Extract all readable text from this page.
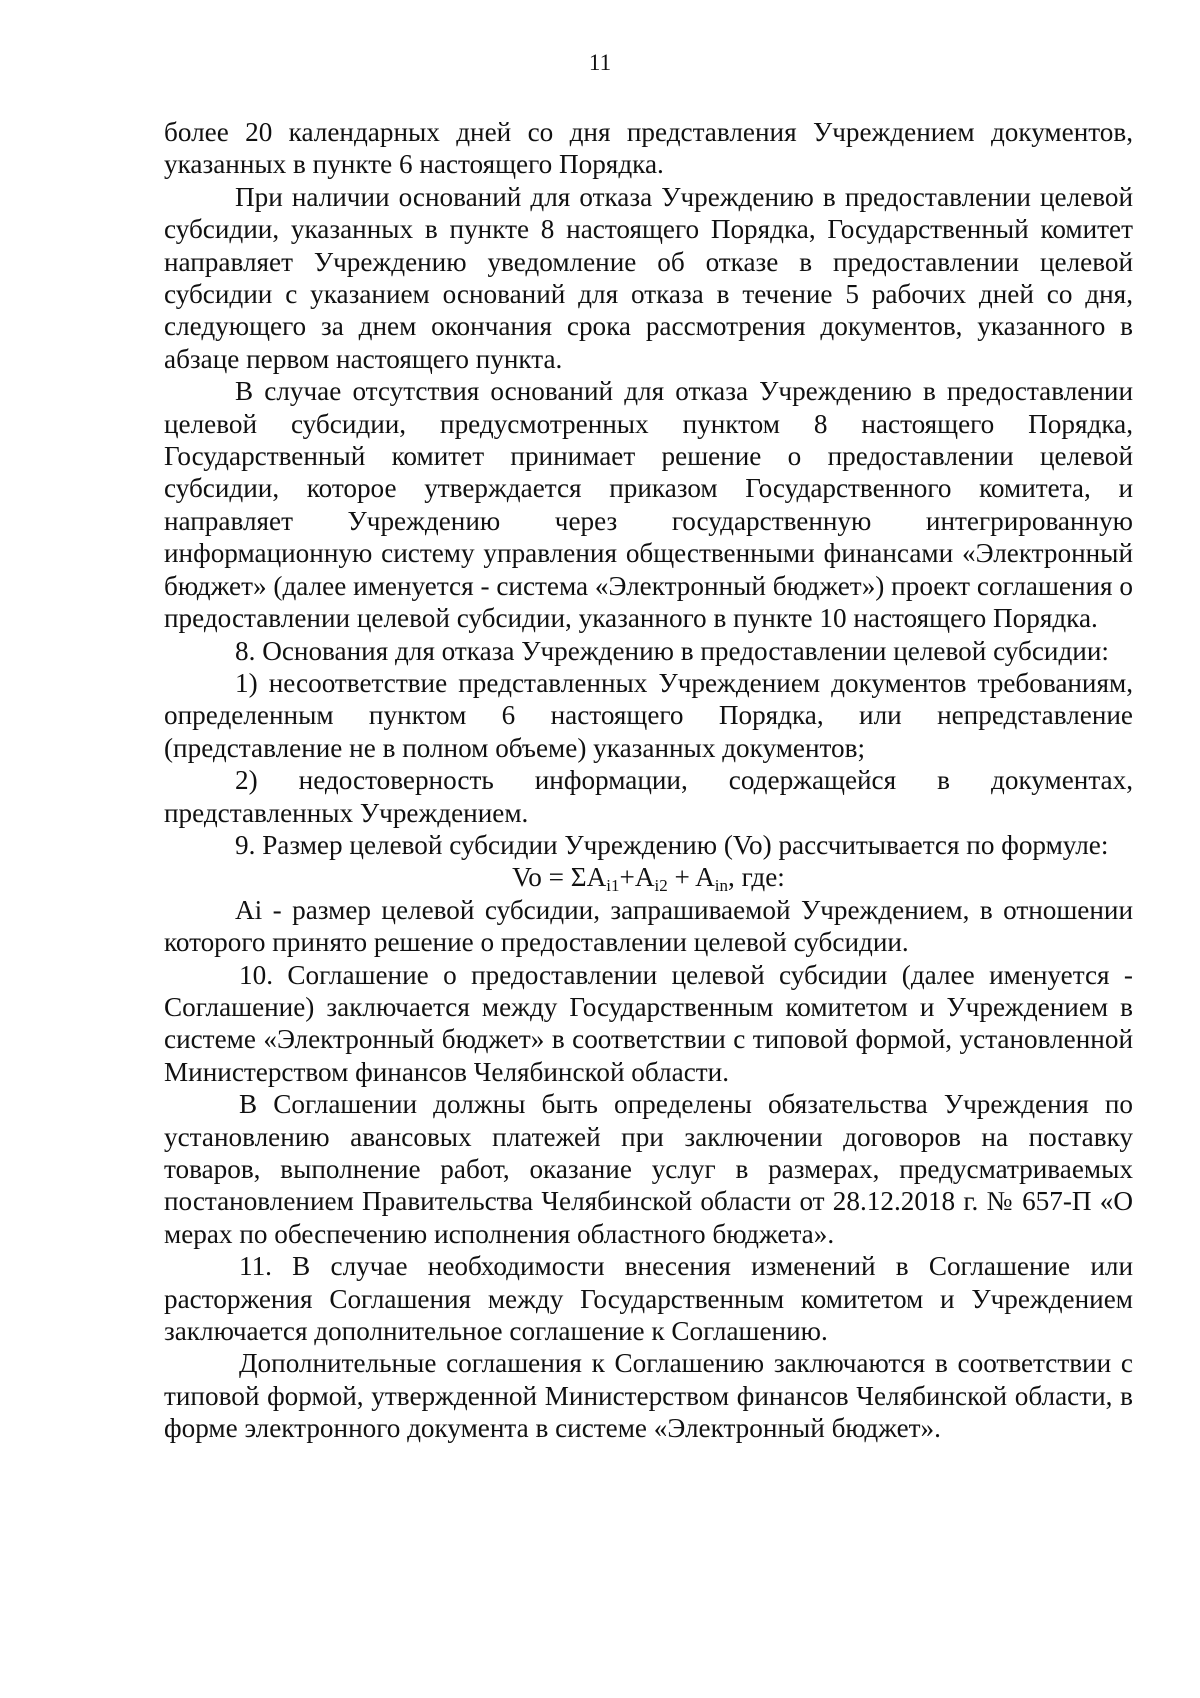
11

более 20 календарных дней со дня представления Учреждением документов, указанных в пункте 6 настоящего Порядка.

При наличии оснований для отказа Учреждению в предоставлении целевой субсидии, указанных в пункте 8 настоящего Порядка, Государственный комитет направляет Учреждению уведомление об отказе в предоставлении целевой субсидии с указанием оснований для отказа в течение 5 рабочих дней со дня, следующего за днем окончания срока рассмотрения документов, указанного в абзаце первом настоящего пункта.

В случае отсутствия оснований для отказа Учреждению в предоставлении целевой субсидии, предусмотренных пунктом 8 настоящего Порядка, Государственный комитет принимает решение о предоставлении целевой субсидии, которое утверждается приказом Государственного комитета, и направляет Учреждению через государственную интегрированную информационную систему управления общественными финансами «Электронный бюджет» (далее именуется - система «Электронный бюджет») проект соглашения о предоставлении целевой субсидии, указанного в пункте 10 настоящего Порядка.

8. Основания для отказа Учреждению в предоставлении целевой субсидии:

1) несоответствие представленных Учреждением документов требованиям, определенным пунктом 6 настоящего Порядка, или непредставление (представление не в полном объеме) указанных документов;

2) недостоверность информации, содержащейся в документах, представленных Учреждением.

9. Размер целевой субсидии Учреждению (Vo) рассчитывается по формуле:

$Vo = \Sigma A_{i1}+A_{i2} + A_{in}$, где:

Ai - размер целевой субсидии, запрашиваемой Учреждением, в отношении которого принято решение о предоставлении целевой субсидии.

10. Соглашение о предоставлении целевой субсидии (далее именуется - Соглашение) заключается между Государственным комитетом и Учреждением в системе «Электронный бюджет» в соответствии с типовой формой, установленной Министерством финансов Челябинской области.

В Соглашении должны быть определены обязательства Учреждения по установлению авансовых платежей при заключении договоров на поставку товаров, выполнение работ, оказание услуг в размерах, предусматриваемых постановлением Правительства Челябинской области от 28.12.2018 г. № 657-П «О мерах по обеспечению исполнения областного бюджета».

11. В случае необходимости внесения изменений в Соглашение или расторжения Соглашения между Государственным комитетом и Учреждением заключается дополнительное соглашение к Соглашению.

Дополнительные соглашения к Соглашению заключаются в соответствии с типовой формой, утвержденной Министерством финансов Челябинской области, в форме электронного документа в системе «Электронный бюджет».
